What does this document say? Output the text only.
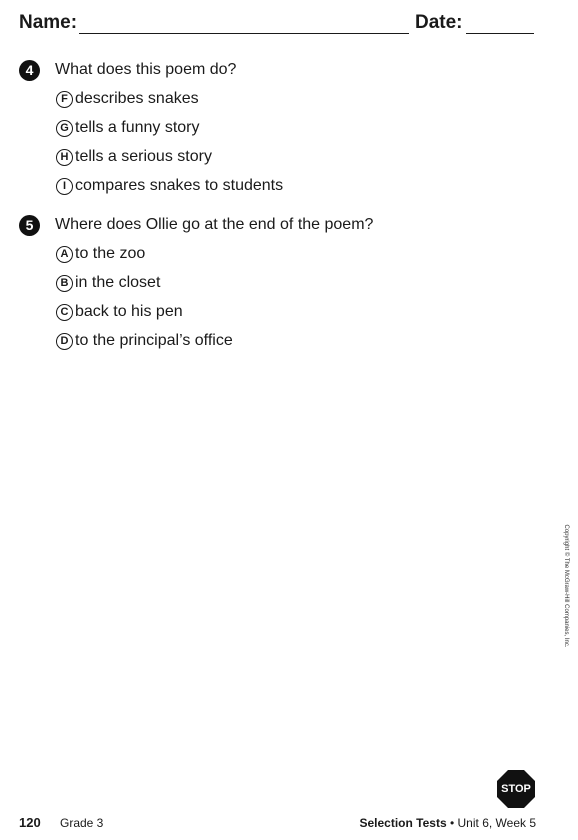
Name:	Date:
4	What does this poem do?
F describes snakes
G tells a funny story
H tells a serious story
I compares snakes to students
5	Where does Ollie go at the end of the poem?
A to the zoo
B in the closet
C back to his pen
D to the principal’s office
Copyright © The McGraw-Hill Companies, Inc.
STOP
120 Grade 3	Selection Tests • Unit 6, Week 5
